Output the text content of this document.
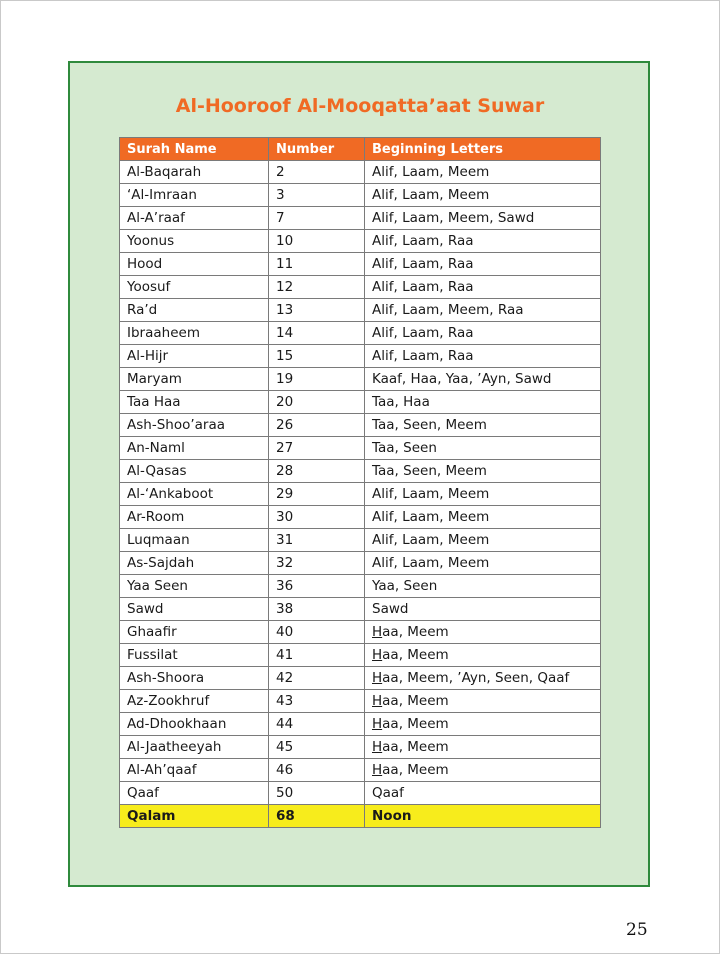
Al-Hooroof Al-Mooqatta’aat Suwar
Surah Name	Number	Beginning Letters
Al-Baqarah	2	Alif, Laam, Meem
‘Al-Imraan	3	Alif, Laam, Meem
Al-A’raaf	7	Alif, Laam, Meem, Sawd
Yoonus	10	Alif, Laam, Raa
Hood	11	Alif, Laam, Raa
Yoosuf	12	Alif, Laam, Raa
Ra’d	13	Alif, Laam, Meem, Raa
Ibraaheem	14	Alif, Laam, Raa
Al-Hijr	15	Alif, Laam, Raa
Maryam	19	Kaaf, Haa, Yaa, ’Ayn, Sawd
Taa Haa	20	Taa, Haa
Ash-Shoo’araa	26	Taa, Seen, Meem
An-Naml	27	Taa, Seen
Al-Qasas	28	Taa, Seen, Meem
Al-‘Ankaboot	29	Alif, Laam, Meem
Ar-Room	30	Alif, Laam, Meem
Luqmaan	31	Alif, Laam, Meem
As-Sajdah	32	Alif, Laam, Meem
Yaa Seen	36	Yaa, Seen
Sawd	38	Sawd
Ghaafir	40	Haa, Meem
Fussilat	41	Haa, Meem
Ash-Shoora	42	Haa, Meem, ’Ayn, Seen, Qaaf
Az-Zookhruf	43	Haa, Meem
Ad-Dhookhaan	44	Haa, Meem
Al-Jaatheeyah	45	Haa, Meem
Al-Ah’qaaf	46	Haa, Meem
Qaaf	50	Qaaf
Qalam	68	Noon
25
